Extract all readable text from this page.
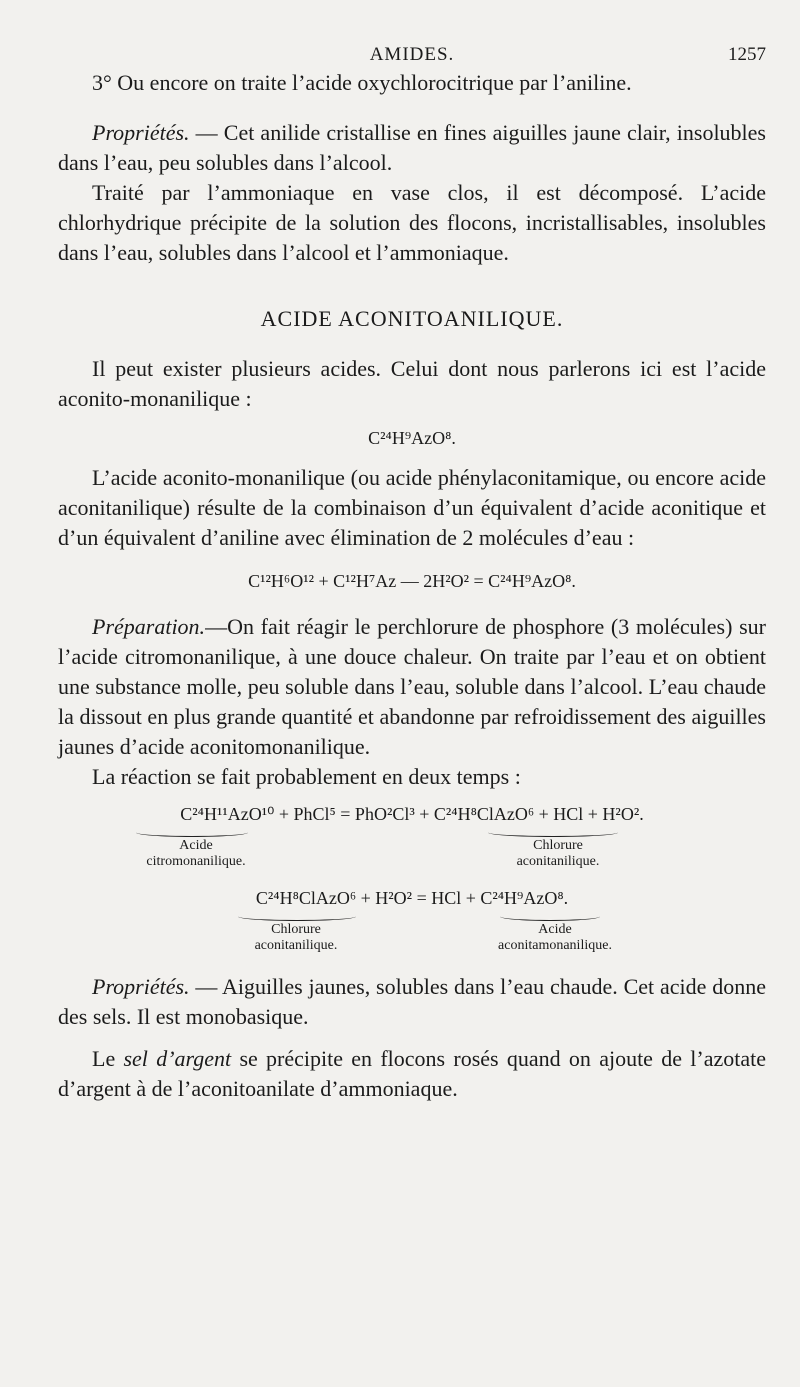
AMIDES.	1257

3° Ou encore on traite l’acide oxychlorocitrique par l’aniline.

Propriétés. — Cet anilide cristallise en fines aiguilles jaune clair, insolubles dans l’eau, peu solubles dans l’alcool.

Traité par l’ammoniaque en vase clos, il est décomposé. L’acide chlorhydrique précipite de la solution des flocons, incristallisables, insolubles dans l’eau, solubles dans l’alcool et l’ammoniaque.

ACIDE ACONITOANILIQUE.

Il peut exister plusieurs acides. Celui dont nous parlerons ici est l’acide aconito-monanilique :

C²⁴H⁹AzO⁸.

L’acide aconito-monanilique (ou acide phénylaconitamique, ou encore acide aconitanilique) résulte de la combinaison d’un équivalent d’acide aconitique et d’un équivalent d’aniline avec élimination de 2 molécules d’eau :

C¹²H⁶O¹² + C¹²H⁷Az — 2H²O² = C²⁴H⁹AzO⁸.

Préparation.—On fait réagir le perchlorure de phosphore (3 molécules) sur l’acide citromonanilique, à une douce chaleur. On traite par l’eau et on obtient une substance molle, peu soluble dans l’eau, soluble dans l’alcool. L’eau chaude la dissout en plus grande quantité et abandonne par refroidissement des aiguilles jaunes d’acide aconitomonanilique.

La réaction se fait probablement en deux temps :

C²⁴H¹¹AzO¹⁰ + PhCl⁵ = PhO²Cl³ + C²⁴H⁸ClAzO⁶ + HCl + H²O².
Acide
citromonanilique.
Chlorure
aconitanilique.
C²⁴H⁸ClAzO⁶ + H²O² = HCl + C²⁴H⁹AzO⁸.
Chlorure
aconitanilique.
Acide
aconitamonanilique.

Propriétés. — Aiguilles jaunes, solubles dans l’eau chaude. Cet acide donne des sels. Il est monobasique.

Le sel d’argent se précipite en flocons rosés quand on ajoute de l’azotate d’argent à de l’aconitoanilate d’ammoniaque.
